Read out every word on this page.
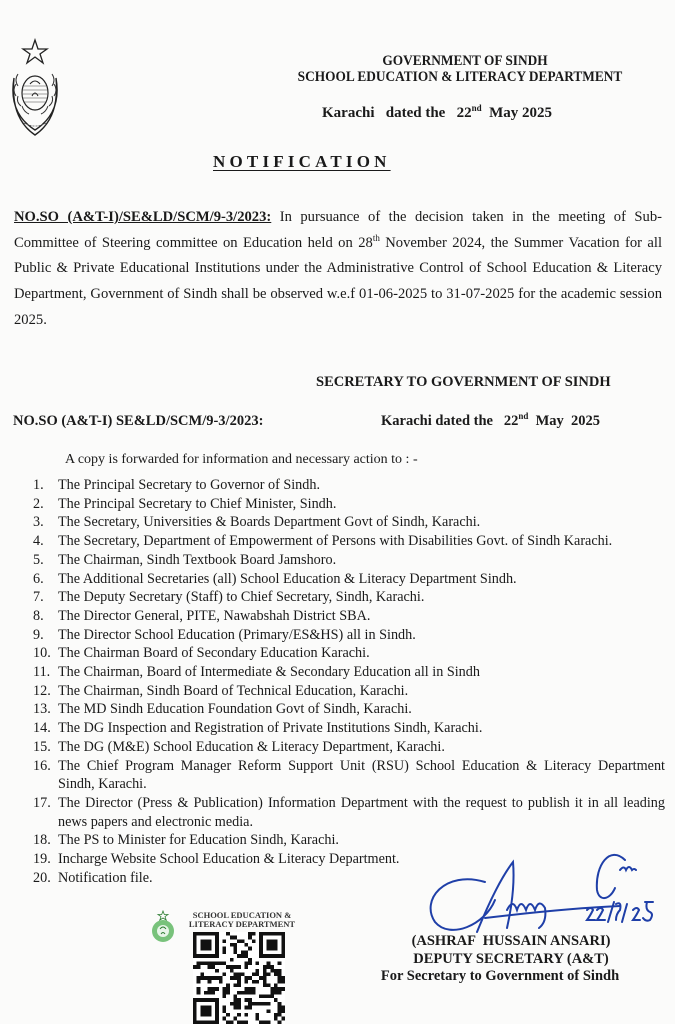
GOVERNMENT OF SINDH
SCHOOL EDUCATION & LITERACY DEPARTMENT
Karachi   dated the   22nd  May 2025
NOTIFICATION
NO.SO (A&T-I)/SE&LD/SCM/9-3/2023: In pursuance of the decision taken in the meeting of Sub-Committee of Steering committee on Education held on 28th November 2024, the Summer Vacation for all Public & Private Educational Institutions under the Administrative Control of School Education & Literacy Department, Government of Sindh shall be observed w.e.f 01-06-2025 to 31-07-2025 for the academic session 2025.
SECRETARY TO GOVERNMENT OF SINDH
NO.SO (A&T-I) SE&LD/SCM/9-3/2023:	Karachi dated the   22nd  May  2025
A copy is forwarded for information and necessary action to : -
1.	The Principal Secretary to Governor of Sindh.
2.	The Principal Secretary to Chief Minister, Sindh.
3.	The Secretary, Universities & Boards Department Govt of Sindh, Karachi.
4.	The Secretary, Department of Empowerment of Persons with Disabilities Govt. of Sindh Karachi.
5.	The Chairman, Sindh Textbook Board Jamshoro.
6.	The Additional Secretaries (all) School Education & Literacy Department Sindh.
7.	The Deputy Secretary (Staff) to Chief Secretary, Sindh, Karachi.
8.	The Director General, PITE, Nawabshah District SBA.
9.	The Director School Education (Primary/ES&HS) all in Sindh.
10. The Chairman Board of Secondary Education Karachi.
11. The Chairman, Board of Intermediate & Secondary Education all in Sindh
12. The Chairman, Sindh Board of Technical Education, Karachi.
13. The MD Sindh Education Foundation Govt of Sindh, Karachi.
14. The DG Inspection and Registration of Private Institutions Sindh, Karachi.
15. The DG (M&E) School Education & Literacy Department, Karachi.
16. The Chief Program Manager Reform Support Unit (RSU) School Education & Literacy Department Sindh, Karachi.
17. The Director (Press & Publication) Information Department with the request to publish it in all leading news papers and electronic media.
18. The PS to Minister for Education Sindh, Karachi.
19. Incharge Website School Education & Literacy Department.
20. Notification file.
SCHOOL EDUCATION &
LITERACY DEPARTMENT
(ASHRAF  HUSSAIN ANSARI)
DEPUTY SECRETARY (A&T)
For Secretary to Government of Sindh
